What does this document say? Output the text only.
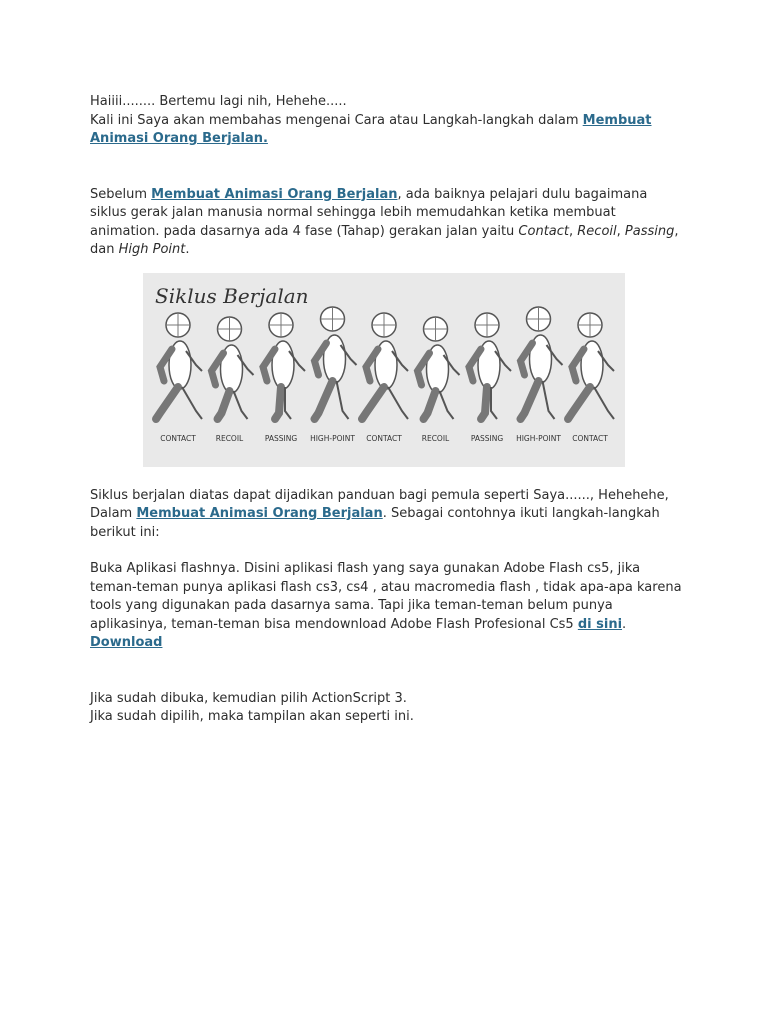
Haiiii........ Bertemu lagi nih, Hehehe.....
Kali ini Saya akan membahas mengenai Cara atau Langkah-langkah dalam Membuat Animasi Orang Berjalan.

Sebelum Membuat Animasi Orang Berjalan, ada baiknya pelajari dulu bagaimana siklus gerak jalan manusia normal sehingga lebih memudahkan ketika membuat animation. pada dasarnya ada 4 fase (Tahap) gerakan jalan yaitu Contact, Recoil, Passing, dan High Point.

Siklus Berjalan
CONTACT	RECOIL	PASSING HIGH-POINT CONTACT	RECOIL	PASSING HIGH-POINT CONTACT

Siklus berjalan diatas dapat dijadikan panduan bagi pemula seperti Saya......, Hehehehe,
Dalam Membuat Animasi Orang Berjalan. Sebagai contohnya ikuti langkah-langkah berikut ini:

Buka Aplikasi flashnya. Disini aplikasi flash yang saya gunakan Adobe Flash cs5, jika teman-teman punya aplikasi flash cs3, cs4 , atau macromedia flash , tidak apa-apa karena tools yang digunakan pada dasarnya sama. Tapi jika teman-teman belum punya aplikasinya, teman-teman bisa mendownload Adobe Flash Profesional Cs5 di sini.
Download

Jika sudah dibuka, kemudian pilih ActionScript 3.
Jika sudah dipilih, maka tampilan akan seperti ini.
